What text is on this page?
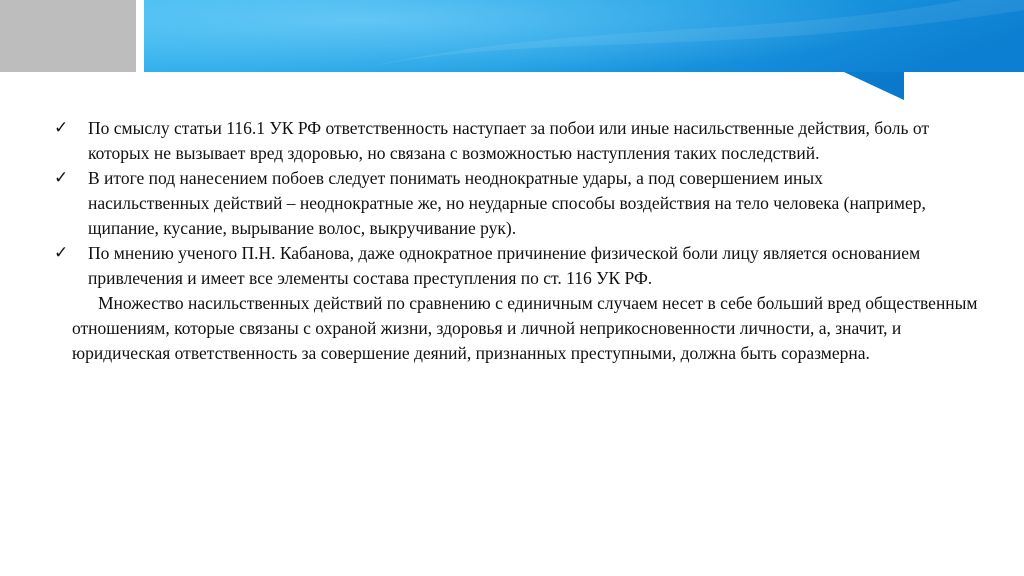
✓ По смыслу статьи 116.1 УК РФ ответственность наступает за побои или иные насильственные действия, боль от которых не вызывает вред здоровью, но связана с возможностью наступления таких последствий.
✓ В итоге под нанесением побоев следует понимать неоднократные удары, а под совершением иных насильственных действий – неоднократные же, но неударные способы воздействия на тело человека (например, щипание, кусание, вырывание волос, выкручивание рук).
✓ По мнению ученого П.Н. Кабанова, даже однократное причинение физической боли лицу является основанием привлечения и имеет все элементы состава преступления по ст. 116 УК РФ.

Множество насильственных действий по сравнению с единичным случаем несет в себе больший вред общественным отношениям, которые связаны с охраной жизни, здоровья и личной неприкосновенности личности, а, значит, и юридическая ответственность за совершение деяний, признанных преступными, должна быть соразмерна.
